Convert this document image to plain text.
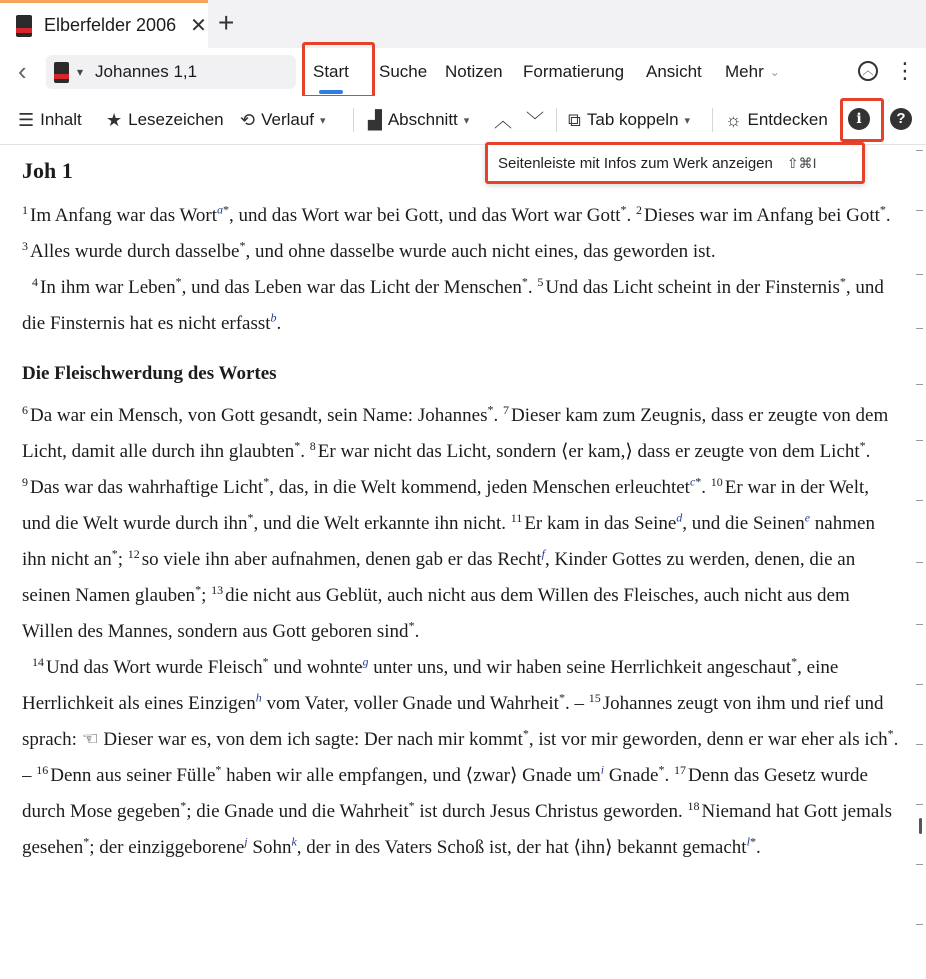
Elberfelder 2006 ✕ +
‹	▾ Johannes 1,1	Start Suche Notizen Formatierung Ansicht Mehr ⌄	︿ ⋮
☰ Inhalt ★ Lesezeichen ⟲ Verlauf ▾ ▟ Abschnitt ▾ ︿ ﹀ ⧉ Tab koppeln ▾ ☼ Entdecken	i	?
Seitenleiste mit Infos zum Werk anzeigen ⇧⌘I
Joh 1

$^1$ Im Anfang war das Wort$^{a*}$, und das Wort war bei Gott, und das Wort war Gott*. $^2$ Dieses war im Anfang bei Gott*. $^3$ Alles wurde durch dasselbe*, und ohne dasselbe wurde auch nicht eines, das geworden ist.
$^4$ In ihm war Leben*, und das Leben war das Licht der Menschen*. $^5$ Und das Licht scheint in der Finsternis*, und die Finsternis hat es nicht erfasst$^b$.

Die Fleischwerdung des Wortes

$^6$ Da war ein Mensch, von Gott gesandt, sein Name: Johannes*. $^7$ Dieser kam zum Zeugnis, dass er zeugte von dem Licht, damit alle durch ihn glaubten*. $^8$ Er war nicht das Licht, sondern ⟨er kam,⟩ dass er zeugte von dem Licht*. $^9$ Das war das wahrhaftige Licht*, das, in die Welt kommend, jeden Menschen erleuchtet$^{c*}$. $^{10}$ Er war in der Welt, und die Welt wurde durch ihn*, und die Welt erkannte ihn nicht. $^{11}$ Er kam in das Seine$^d$, und die Seinen$^e$ nahmen ihn nicht an*; $^{12}$ so viele ihn aber aufnahmen, denen gab er das Recht$^f$, Kinder Gottes zu werden, denen, die an seinen Namen glauben*; $^{13}$ die nicht aus Geblüt, auch nicht aus dem Willen des Fleisches, auch nicht aus dem Willen des Mannes, sondern aus Gott geboren sind*.
$^{14}$ Und das Wort wurde Fleisch* und wohnte$^g$ unter uns, und wir haben seine Herrlichkeit angeschaut*, eine Herrlichkeit als eines Einzigen$^h$ vom Vater, voller Gnade und Wahrheit*. – $^{15}$ Johannes zeugt von ihm und rief und sprach: ☜ Dieser war es, von dem ich sagte: Der nach mir kommt*, ist vor mir geworden, denn er war eher als ich*. – $^{16}$ Denn aus seiner Fülle* haben wir alle empfangen, und ⟨zwar⟩ Gnade um$^i$ Gnade*. $^{17}$ Denn das Gesetz wurde durch Mose gegeben*; die Gnade und die Wahrheit* ist durch Jesus Christus geworden. $^{18}$ Niemand hat Gott jemals gesehen*; der einziggeborene$^j$ Sohn$^k$, der in des Vaters Schoß ist, der hat ⟨ihn⟩ bekannt gemacht$^{l*}$.
